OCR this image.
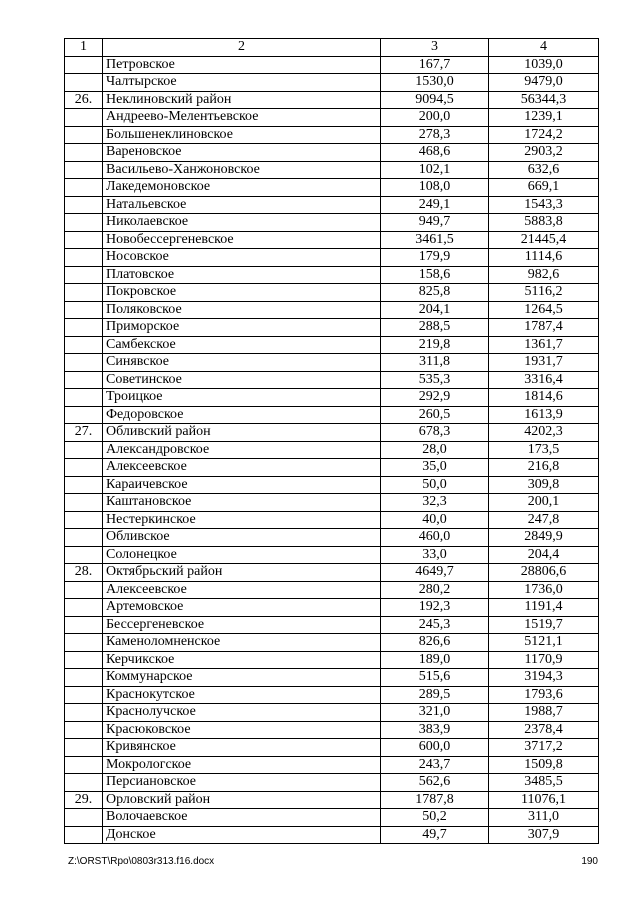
1	2	3	4
	Петровское	167,7	1039,0
	Чалтырское	1530,0	9479,0
26.	Неклиновский район	9094,5	56344,3
	Андреево-Мелентьевское	200,0	1239,1
	Большенеклиновское	278,3	1724,2
	Вареновское	468,6	2903,2
	Васильево-Ханжоновское	102,1	632,6
	Лакедемоновское	108,0	669,1
	Натальевское	249,1	1543,3
	Николаевское	949,7	5883,8
	Новобессергеневское	3461,5	21445,4
	Носовское	179,9	1114,6
	Платовское	158,6	982,6
	Покровское	825,8	5116,2
	Поляковское	204,1	1264,5
	Приморское	288,5	1787,4
	Самбекское	219,8	1361,7
	Синявское	311,8	1931,7
	Советинское	535,3	3316,4
	Троицкое	292,9	1814,6
	Федоровское	260,5	1613,9
27.	Обливский район	678,3	4202,3
	Александровское	28,0	173,5
	Алексеевское	35,0	216,8
	Караичевское	50,0	309,8
	Каштановское	32,3	200,1
	Нестеркинское	40,0	247,8
	Обливское	460,0	2849,9
	Солонецкое	33,0	204,4
28.	Октябрьский район	4649,7	28806,6
	Алексеевское	280,2	1736,0
	Артемовское	192,3	1191,4
	Бессергеневское	245,3	1519,7
	Каменоломненское	826,6	5121,1
	Керчикское	189,0	1170,9
	Коммунарское	515,6	3194,3
	Краснокутское	289,5	1793,6
	Краснолучское	321,0	1988,7
	Красюковское	383,9	2378,4
	Кривянское	600,0	3717,2
	Мокрологское	243,7	1509,8
	Персиановское	562,6	3485,5
29.	Орловский район	1787,8	11076,1
	Волочаевское	50,2	311,0
	Донское	49,7	307,9
Z:\ORST\Rpo\0803r313.f16.docx	190
